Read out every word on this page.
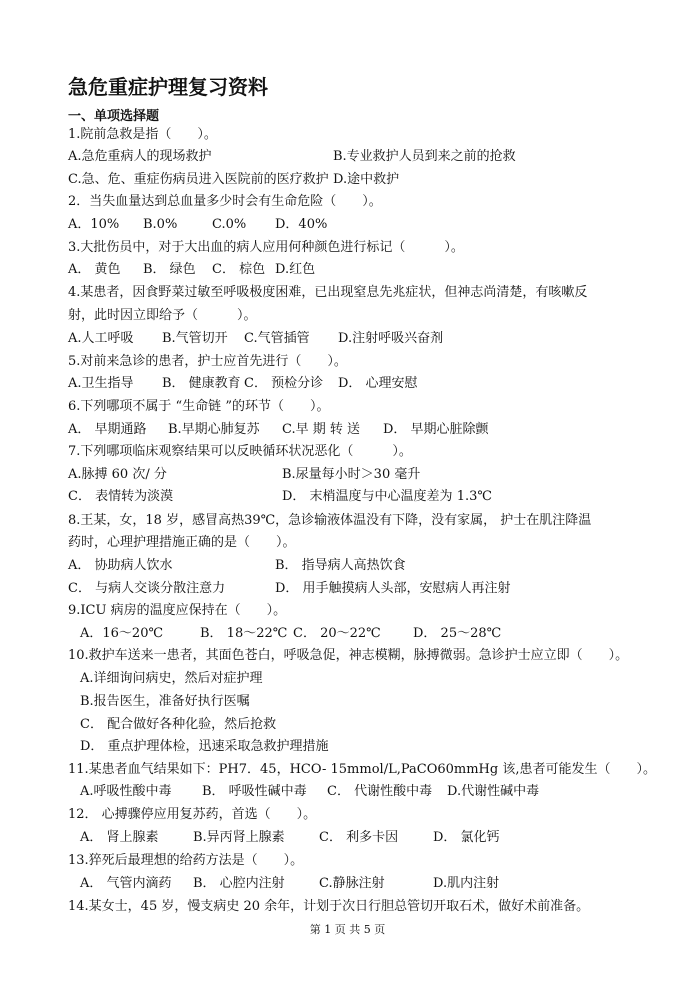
急危重症护理复习资料
一、单项选择题
1.院前急救是指（　　）。
A.急危重病人的现场救护	B.专业救护人员到来之前的抢救
C.急、危、重症伤病员进入医院前的医疗救护 D.途中救护
2．当失血量达到总血量多少时会有生命危险（　　）。
A．10% B.0%	C.0% D．40%
3.大批伤员中，对于大出血的病人应用何种颜色进行标记（　　　）。
A． 黄色 B． 绿色 C． 棕色 D.红色
4.某患者，因食野菜过敏至呼吸极度困难，已出现窒息先兆症状，但神志尚清楚，有咳嗽反
射，此时因立即给予（　　　）。
A.人工呼吸 B.气管切开 C.气管插管 D.注射呼吸兴奋剂
5.对前来急诊的患者，护士应首先进行（　　）。
A.卫生指导 B． 健康教育 C． 预检分诊 D． 心理安慰
6.下列哪项不属于 “生命链 ”的环节（　　）。
A． 早期通路 B.早期心肺复苏 C.早 期 转 送 D． 早期心脏除颤
7.下列哪项临床观察结果可以反映循环状况恶化（　　　）。
A.脉搏 60 次/ 分	B.尿量每小时＞30 毫升
C． 表情转为淡漠	D． 末梢温度与中心温度差为 1.3℃
8.王某，女，18 岁，感冒高热39℃，急诊输液体温没有下降，没有家属， 护士在肌注降温
药时，心理护理措施正确的是（　　）。
A． 协助病人饮水	B． 指导病人高热饮食
C． 与病人交谈分散注意力	D． 用手触摸病人头部，安慰病人再注射
9.ICU 病房的温度应保持在（　　）。
A．16～20℃	B． 18～22℃ C． 20～22℃ D． 25～28℃
10.救护车送来一患者，其面色苍白，呼吸急促，神志模糊，脉搏微弱。急诊护士应立即（　　）。
A.详细询问病史，然后对症护理
B.报告医生，准备好执行医嘱
C． 配合做好各种化验，然后抢救
D． 重点护理体检，迅速采取急救护理措施
11.某患者血气结果如下：PH7．45，HCO- 15mmol/L,PaCO60mmHg 该,患者可能发生（　　）。
A.呼吸性酸中毒 B． 呼吸性碱中毒 C． 代谢性酸中毒 D.代谢性碱中毒
12． 心搏骤停应用复苏药，首选（　　）。
A． 肾上腺素	B.异丙肾上腺素	C． 利多卡因	D． 氯化钙
13.猝死后最理想的给药方法是（　　）。
A． 气管内滴药 B． 心腔内注射	C.静脉注射	D.肌内注射
14.某女士，45 岁，慢支病史 20 余年，计划于次日行胆总管切开取石术，做好术前准备。
第 1 页 共 5 页
